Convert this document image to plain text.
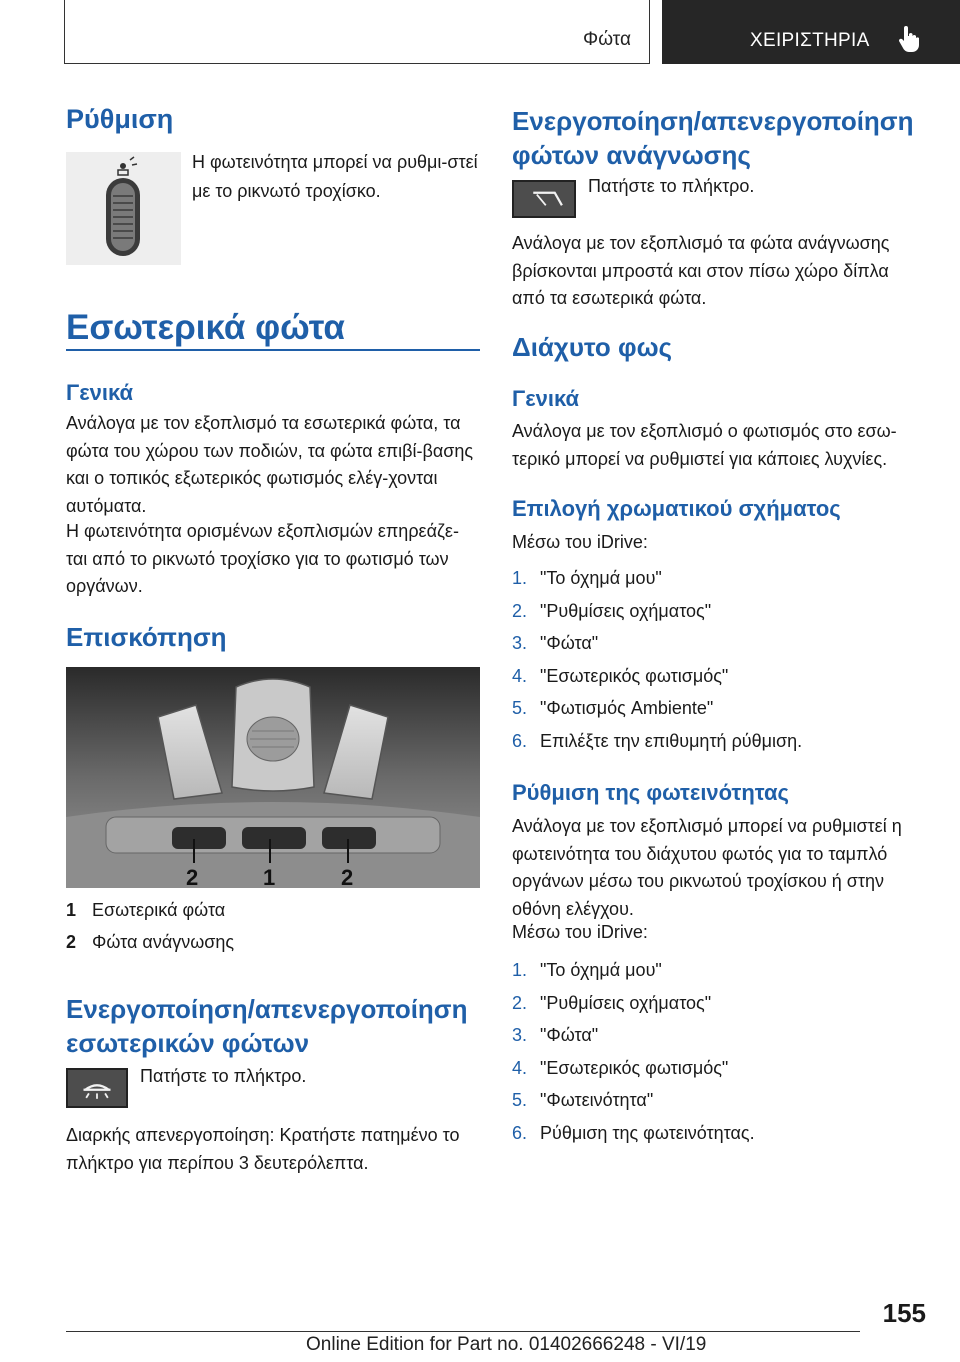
Φώτα	ΧΕΙΡΙΣΤΗΡΙΑ
Ρύθμιση

Η φωτεινότητα μπορεί να ρυθμι‐στεί με το ρικνωτό τροχίσκο.

Εσωτερικά φώτα
Γενικά

Ανάλογα με τον εξοπλισμό τα εσωτερικά φώτα, τα φώτα του χώρου των ποδιών, τα φώτα επιβί‐βασης και ο τοπικός εξωτερικός φωτισμός ελέγ‐χονται αυτόματα.

Η φωτεινότητα ορισμένων εξοπλισμών επηρεάζε‐ται από το ρικνωτό τροχίσκο για το φωτισμό των οργάνων.

Επισκόπηση
2	1	2
1 Εσωτερικά φώτα
2 Φώτα ανάγνωσης
Ενεργοποίηση/απενεργοποίηση εσωτερικών φώτων

Πατήστε το πλήκτρο.

Διαρκής απενεργοποίηση: Κρατήστε πατημένο το πλήκτρο για περίπου 3 δευτερόλεπτα.

Ενεργοποίηση/απενεργοποίηση φώτων ανάγνωσης

Πατήστε το πλήκτρο.

Ανάλογα με τον εξοπλισμό τα φώτα ανάγνωσης βρίσκονται μπροστά και στον πίσω χώρο δίπλα από τα εσωτερικά φώτα.

Διάχυτο φως
Γενικά

Ανάλογα με τον εξοπλισμό ο φωτισμός στο εσω‐τερικό μπορεί να ρυθμιστεί για κάποιες λυχνίες.

Επιλογή χρωματικού σχήματος

Μέσω του iDrive:

1. "Το όχημά μου"
2. "Ρυθμίσεις οχήματος"
3. "Φώτα"
4. "Εσωτερικός φωτισμός"
5. "Φωτισμός Ambiente"
6. Επιλέξτε την επιθυμητή ρύθμιση.
Ρύθμιση της φωτεινότητας

Ανάλογα με τον εξοπλισμό μπορεί να ρυθμιστεί η φωτεινότητα του διάχυτου φωτός για το ταμπλό οργάνων μέσω του ρικνωτού τροχίσκου ή στην οθόνη ελέγχου.

Μέσω του iDrive:

1. "Το όχημά μου"
2. "Ρυθμίσεις οχήματος"
3. "Φώτα"
4. "Εσωτερικός φωτισμός"
5. "Φωτεινότητα"
6. Ρύθμιση της φωτεινότητας.
155
Online Edition for Part no. 01402666248 - VI/19
